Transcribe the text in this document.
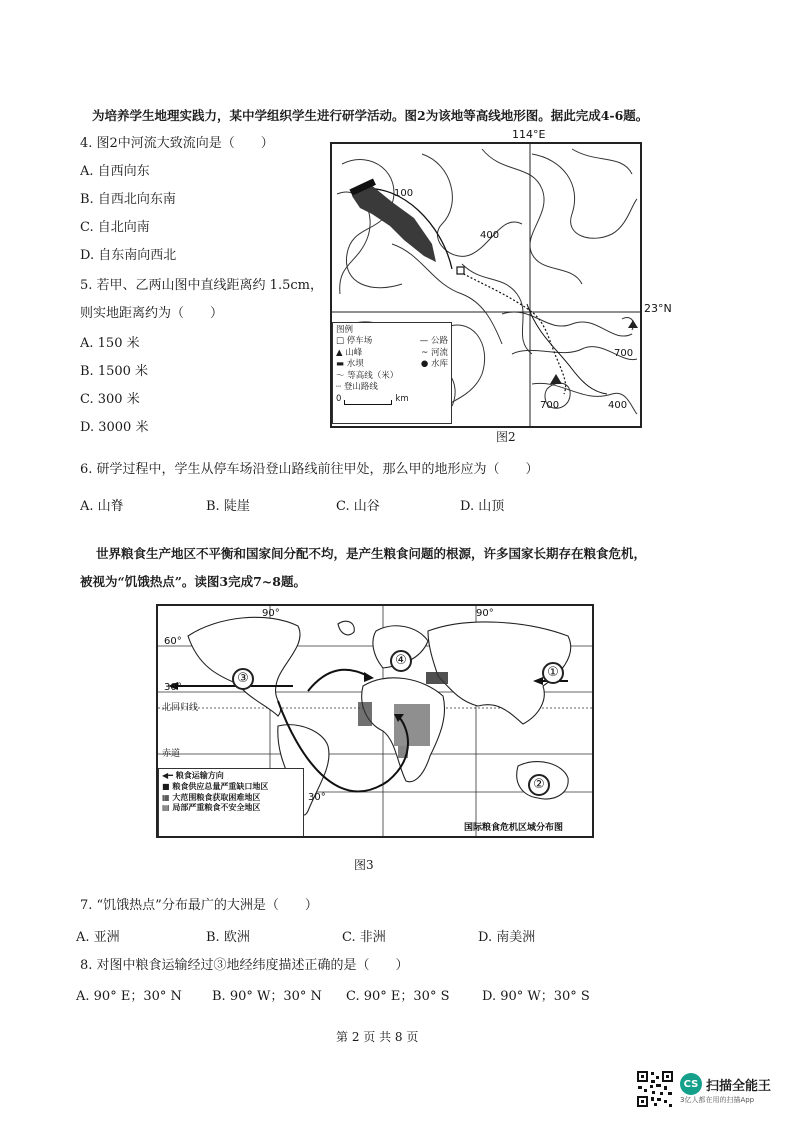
为培养学生地理实践力，某中学组织学生进行研学活动。图2为该地等高线地形图。据此完成4-6题。
4. 图2中河流大致流向是（　　）
A. 自西向东
B. 自西北向东南
C. 自北向南
D. 自东南向西北
5. 若甲、乙两山图中直线距离约 1.5cm，
则实地距离约为（　　）
A. 150 米
B. 1500 米
C. 300 米
D. 3000 米
114°E
100
400
700
700	400
图例
□ 停车场	— 公路
▲ 山峰	~ 河流
▬ 水坝	● 水库
～ 等高线（米）
┈ 登山路线
0	km
23°N
图2
6. 研学过程中，学生从停车场沿登山路线前往甲处，那么甲的地形应为（　　）
A. 山脊	B. 陡崖	C. 山谷	D. 山顶
世界粮食生产地区不平衡和国家间分配不均，是产生粮食问题的根源，许多国家长期存在粮食危机，
被视为“饥饿热点”。读图3完成7~8题。
90°	90°
60°
30°
30°
北回归线
赤道
③
④
①
②
◀━ 粮食运输方向
■ 粮食供应总量严重缺口地区
▦ 大范围粮食获取困难地区
▤ 局部严重粮食不安全地区
国际粮食危机区域分布图
图3
7. “饥饿热点”分布最广的大洲是（　　）
A. 亚洲	B. 欧洲	C. 非洲	D. 南美洲
8. 对图中粮食运输经过③地经纬度描述正确的是（　　）
A. 90° E；30° N B. 90° W；30° N C. 90° E；30° S	D. 90° W；30° S
第 2 页 共 8 页
CS 扫描全能王
3亿人都在用的扫描App
